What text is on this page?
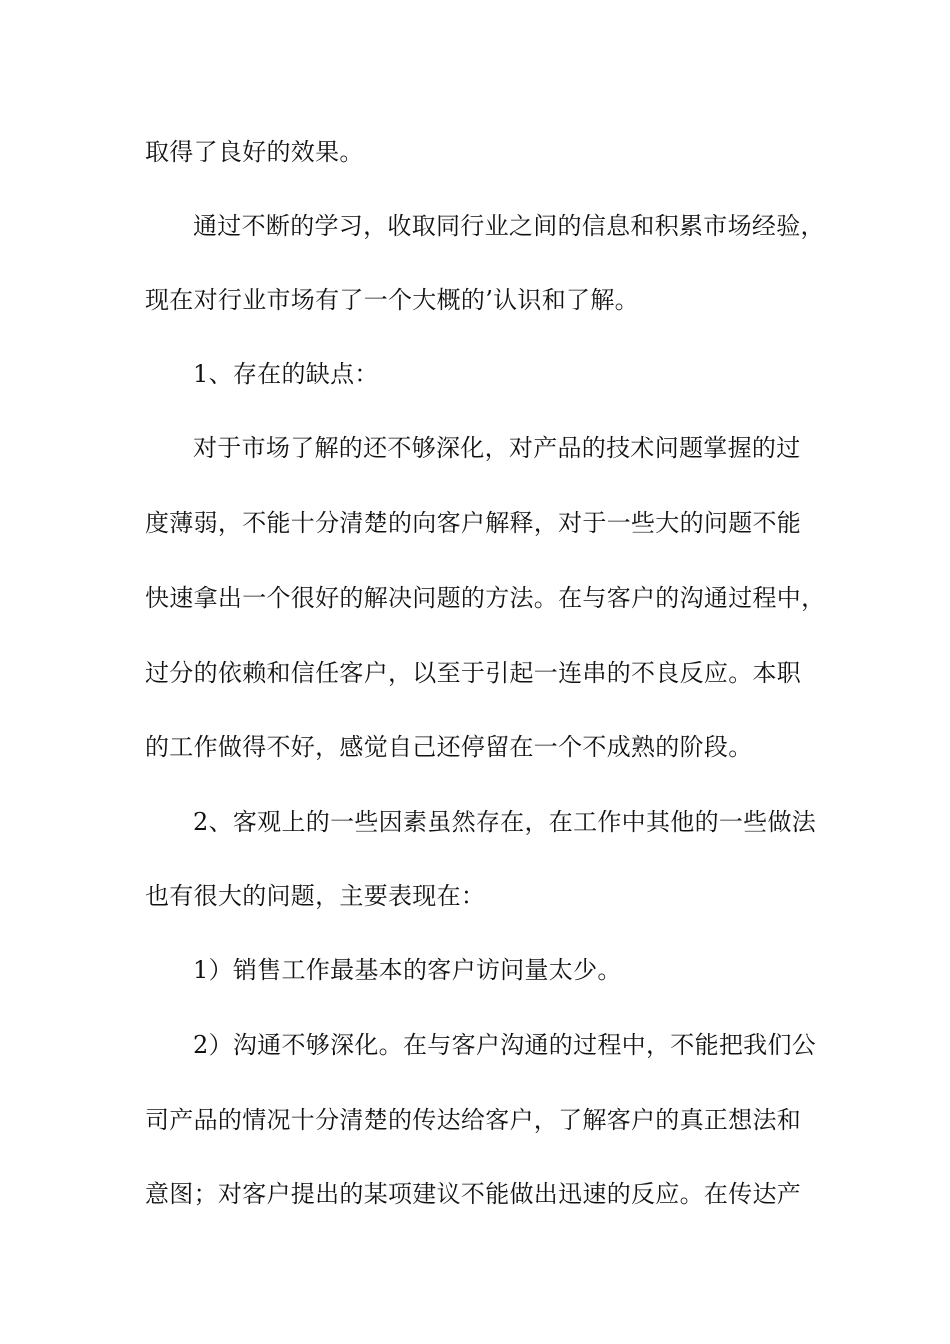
取得了良好的效果。
通过不断的学习，收取同行业之间的信息和积累市场经验，
现在对行业市场有了一个大概的’认识和了解。
1、存在的缺点：
对于市场了解的还不够深化，对产品的技术问题掌握的过
度薄弱，不能十分清楚的向客户解释，对于一些大的问题不能
快速拿出一个很好的解决问题的方法。在与客户的沟通过程中，
过分的依赖和信任客户，以至于引起一连串的不良反应。本职
的工作做得不好，感觉自己还停留在一个不成熟的阶段。
2、客观上的一些因素虽然存在，在工作中其他的一些做法
也有很大的问题，主要表现在：
1）销售工作最基本的客户访问量太少。
2）沟通不够深化。在与客户沟通的过程中，不能把我们公
司产品的情况十分清楚的传达给客户，了解客户的真正想法和
意图；对客户提出的某项建议不能做出迅速的反应。在传达产
